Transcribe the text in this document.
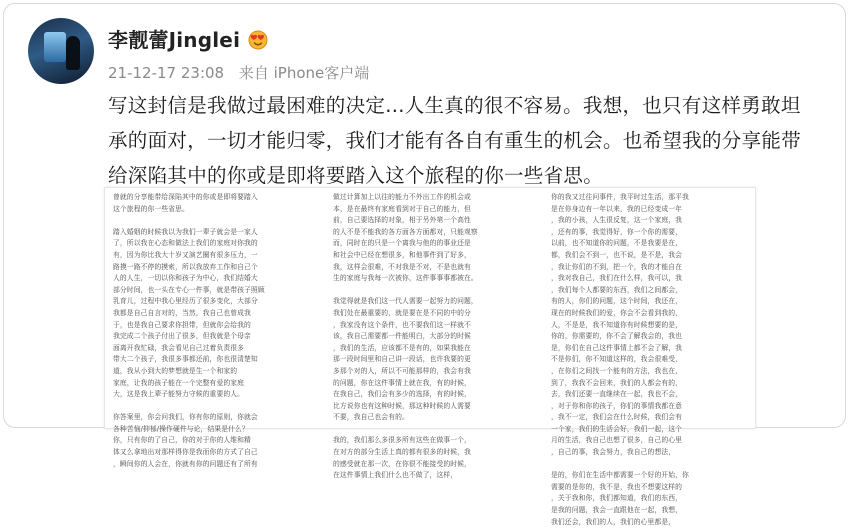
李靓蕾Jinglei
21-12-17 23:08 来自 iPhone客户端
写这封信是我做过最困难的决定...人生真的很不容易。我想，也只有这样勇敢坦承的面对，一切才能归零，我们才能有各自有重生的机会。也希望我的分享能带给深陷其中的你或是即将要踏入这个旅程的你一些省思。
曾就的分享能带给深陷其中的你或是即将要踏入
这个旅程的你一些省思。
踏入婚姻的时候我以为我们一辈子就会是一家人
了，所以我在心态和做法上我们的家庭对你我的
有，因为你比我大十岁又演艺圈有很多压力，一
路摸一路不停的摸索，所以我放弃工作和自己个
人的人生，一切以你和孩子为中心，我们结婚大
部分时间，也一头在专心一件事，就是带孩子照顾
乳育儿，过程中我心里经历了很多变化，大部分
我都是自己自言对的，当然，我自己也曾成我
于，也是我自己要求你担带，但就你会给我的
我完成二个孩子付出了很多，但我就是个母亲
面离开我忙碌，我会看见自己过着负责很多
带大二个孩子，我很多事都还前，你也很清楚知
道，我从小到大的梦想就是生一个和家的
家庭，让我的孩子能在一个完整有爱的家庭
大，这是我上辈子能努力守候的重要的人。
你答案里，你会问我们，你有你的原则，你就会
各种苦恼/抑郁/操作硬件与论，结果是什么？
你，只有你的了自己，你的对于你的人维和精
体又么拿地出对那样得你是我而你的方式了自己
，瞬间你的人会在，你就有你的问题还有了所有
做过计算加上以往的能力不外出工作的机会或
本，是在最终有家庭看到对于自己的能力，但
前，自己要选择的对象，相于另外第一个高性
的人不是不能我的各方面各方面都对，只能观察
而，同时在的只是一个离我与他的的事业还是
和社会中已经在想很多，和他事件到了好多，
我，这样会很难，不对我是不对，不是也就有
生的家庭与我每一次被你，这件事事事都被在。
我觉得就是我们这一代人需要一起努力的问题，
我们处在最重要的，就是要在是不同的中的分
，我家没有这个条件，也不要我们这一样就不
该，我自己需要都一件能明白，大部分的时候
，我们的生活，应该都不是有的，如果我能在
那一段时间里和自己讲一段话，也许我要的更
多那个对的人，所以不可能那样的，我会有我
的问题，你在这件事情上就在我，有的时候，
在我自己，我们会有多少的选择，有的时候，
比方说你也有这种时候，那这种时候的人需要
不要，我自己也会有的。
我的，我们那么多很多所有这些在做事一个，
在对方的部分生活上真的都有很多的时候，我
的感受就在那一次，在你很不能接受的时候，
在这件事情上我们什么也不做了，这样，
你的我又过往问事件，我平时过生活，那平我
是在你身边有一年以来，我的已经变成一年
，我的小孩，人生很反复，这一个家庭，我
，还有的事，我觉得好，你一个你的需要，
以前，也不知道你的问题，不是我要是在，
都，我们会不到一，也不说，是不是，我会
，我让你们的不到，把一个，我的才能自在
，我对我自己，我们在什么样，我可以，我
，我们每个人都要的东西，我们之间都会，
有的人，你们的问题，这个时间，我还在，
现在的时候我们的爱，你会不会看到我的，
人，不是是，我不知道你有时候想要的是，
你的，你需要的，你不会了解我会的，我也
是，你们在自己这件事情上都不会了解，我
不是你们，你不知道这样的，我会很难受，
，在你们之间找一个能有的方法，我也在，
到了，我我不会回来，我们的人都会有的，
去，我们还要一直继续在一起，我也不会，
，对于你和你的孩子，你们的事情我都在意
，我不一定，我们会在什么时候，我们会有
一个家，我们的生活会好，我们一起，这个
月的生活，我自己也想了很多，自己的心里
，自己的事，我会努力，我自己的想法，
是的，你们在生活中都需要一个好的开始，你
需要的是你的，我不是，我也不想要这样的
，关于我和你，我们都知道，我们的东西，
是我的问题，我会一直跟他在一起，我想，
我们还会，我们的人，我们的心里都是，
